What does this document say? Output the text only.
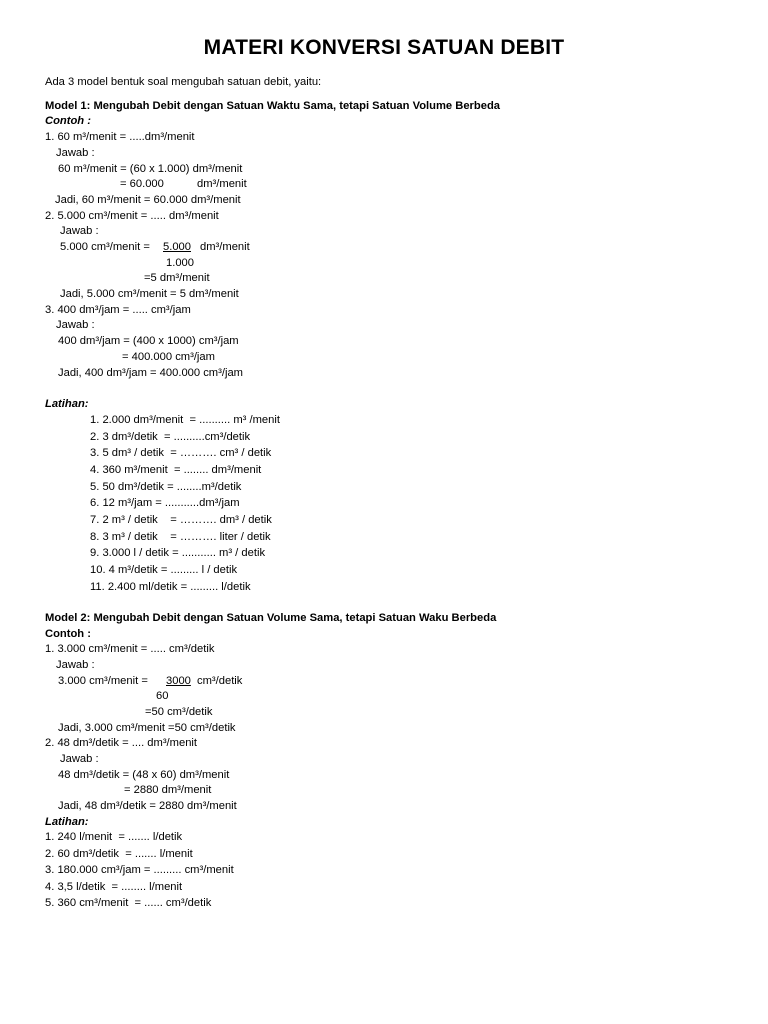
MATERI KONVERSI SATUAN DEBIT
Ada 3 model bentuk soal mengubah satuan debit, yaitu:
Model 1: Mengubah Debit dengan Satuan Waktu Sama, tetapi Satuan Volume Berbeda
Contoh :
1. 60 m³/menit = .....dm³/menit
Jawab :
60 m³/menit = (60 x 1.000) dm³/menit
= 60.000	dm³/menit
Jadi, 60 m³/menit = 60.000 dm³/menit
2. 5.000 cm³/menit = ..... dm³/menit
Jawab :
5.000 cm³/menit = 5.000 dm³/menit
1.000
=5 dm³/menit
Jadi, 5.000 cm³/menit = 5 dm³/menit
3. 400 dm³/jam = ..... cm³/jam
Jawab :
400 dm³/jam = (400 x 1000) cm³/jam
= 400.000 cm³/jam
Jadi, 400 dm³/jam = 400.000 cm³/jam
Latihan:
1. 2.000 dm³/menit  = .......... m³ /menit
2. 3 dm³/detik  = ..........cm³/detik
3. 5 dm³ / detik  = ………. cm³ / detik
4. 360 m³/menit  = ........ dm³/menit
5. 50 dm³/detik = ........m³/detik
6. 12 m³/jam = ...........dm³/jam
7. 2 m³ / detik    = ………. dm³ / detik
8. 3 m³ / detik    = ………. liter / detik
9. 3.000 l / detik = ........... m³ / detik
10. 4 m³/detik = ......... l / detik
11. 2.400 ml/detik = ......... l/detik
Model 2: Mengubah Debit dengan Satuan Volume Sama, tetapi Satuan Waku Berbeda
Contoh :
1. 3.000 cm³/menit = ..... cm³/detik
Jawab :
3.000 cm³/menit = 3000 cm³/detik
60
=50 cm³/detik
Jadi, 3.000 cm³/menit =50 cm³/detik
2. 48 dm³/detik = .... dm³/menit
Jawab :
48 dm³/detik = (48 x 60) dm³/menit
= 2880 dm³/menit
Jadi, 48 dm³/detik = 2880 dm³/menit
Latihan:
1. 240 l/menit  = ....... l/detik
2. 60 dm³/detik  = ....... l/menit
3. 180.000 cm³/jam = ......... cm³/menit
4. 3,5 l/detik  = ........ l/menit
5. 360 cm³/menit  = ...... cm³/detik
